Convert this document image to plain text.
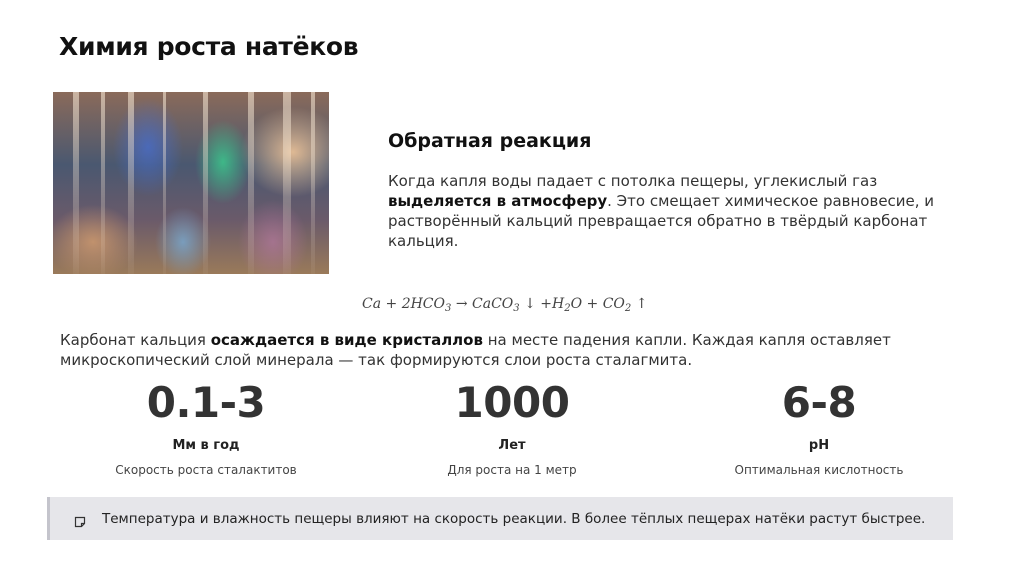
Химия роста натёков
Обратная реакция
Когда капля воды падает с потолка пещеры, углекислый газ выделяется в атмосферу. Это смещает химическое равновесие, и растворённый кальций превращается обратно в твёрдый карбонат кальция.
$Ca + 2HCO_3$ → CaCO$_3$ ↓ $+H_2O + CO_2$ ↑
Карбонат кальция осаждается в виде кристаллов на месте падения капли. Каждая капля оставляет микроскопический слой минерала — так формируются слои роста сталагмита.
0.1-3
Мм в год
Скорость роста сталактитов
1000
Лет
Для роста на 1 метр
6-8
pH
Оптимальная кислотность
Температура и влажность пещеры влияют на скорость реакции. В более тёплых пещерах натёки растут быстрее.
